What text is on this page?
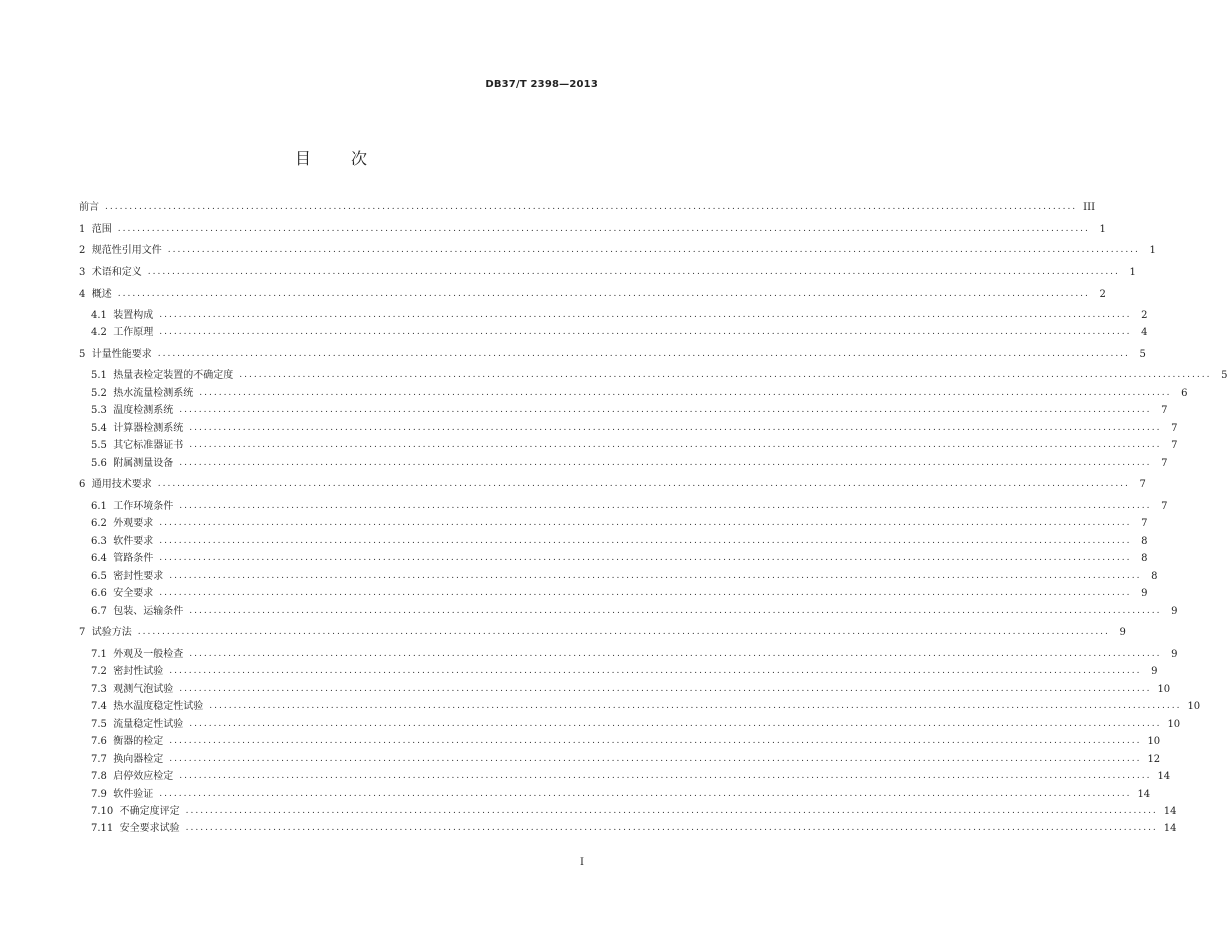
DB37/T 2398—2013
目	次
前言 ........................................................................................................................................................................................................ III
1 范围 ........................................................................................................................................................................................................ 1
2 规范性引用文件 ........................................................................................................................................................................................................ 1
3 术语和定义 ........................................................................................................................................................................................................ 1
4 概述 ........................................................................................................................................................................................................ 2
4.1 装置构成 ........................................................................................................................................................................................................ 2
4.2 工作原理 ........................................................................................................................................................................................................ 4
5 计量性能要求 ........................................................................................................................................................................................................ 5
5.1 热量表检定装置的不确定度 ........................................................................................................................................................................................................ 5
5.2 热水流量检测系统 ........................................................................................................................................................................................................ 6
5.3 温度检测系统 ........................................................................................................................................................................................................ 7
5.4 计算器检测系统 ........................................................................................................................................................................................................ 7
5.5 其它标准器证书 ........................................................................................................................................................................................................ 7
5.6 附属测量设备 ........................................................................................................................................................................................................ 7
6 通用技术要求 ........................................................................................................................................................................................................ 7
6.1 工作环境条件 ........................................................................................................................................................................................................ 7
6.2 外观要求 ........................................................................................................................................................................................................ 7
6.3 软件要求 ........................................................................................................................................................................................................ 8
6.4 管路条件 ........................................................................................................................................................................................................ 8
6.5 密封性要求 ........................................................................................................................................................................................................ 8
6.6 安全要求 ........................................................................................................................................................................................................ 9
6.7 包装、运输条件 ........................................................................................................................................................................................................ 9
7 试验方法 ........................................................................................................................................................................................................ 9
7.1 外观及一般检查 ........................................................................................................................................................................................................ 9
7.2 密封性试验 ........................................................................................................................................................................................................ 9
7.3 观测气泡试验 ........................................................................................................................................................................................................ 10
7.4 热水温度稳定性试验 ........................................................................................................................................................................................................ 10
7.5 流量稳定性试验 ........................................................................................................................................................................................................ 10
7.6 衡器的检定 ........................................................................................................................................................................................................ 10
7.7 换向器检定 ........................................................................................................................................................................................................ 12
7.8 启停效应检定 ........................................................................................................................................................................................................ 14
7.9 软件验证 ........................................................................................................................................................................................................ 14
7.10 不确定度评定 ........................................................................................................................................................................................................ 14
7.11 安全要求试验 ........................................................................................................................................................................................................ 14
I
